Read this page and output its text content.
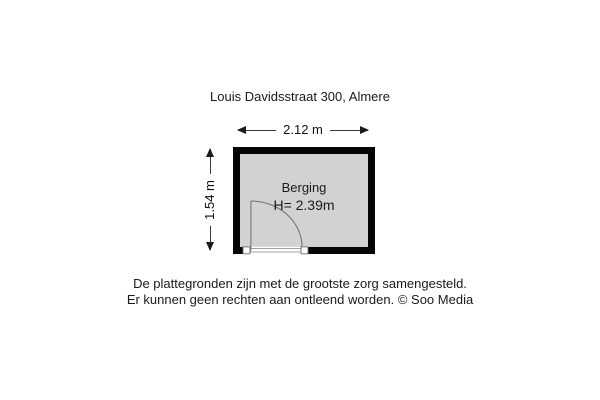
Louis Davidsstraat 300, Almere
2.12 m
1.54 m	Berging
H= 2.39m
De plattegronden zijn met de grootste zorg samengesteld.
Er kunnen geen rechten aan ontleend worden. © Soo Media
